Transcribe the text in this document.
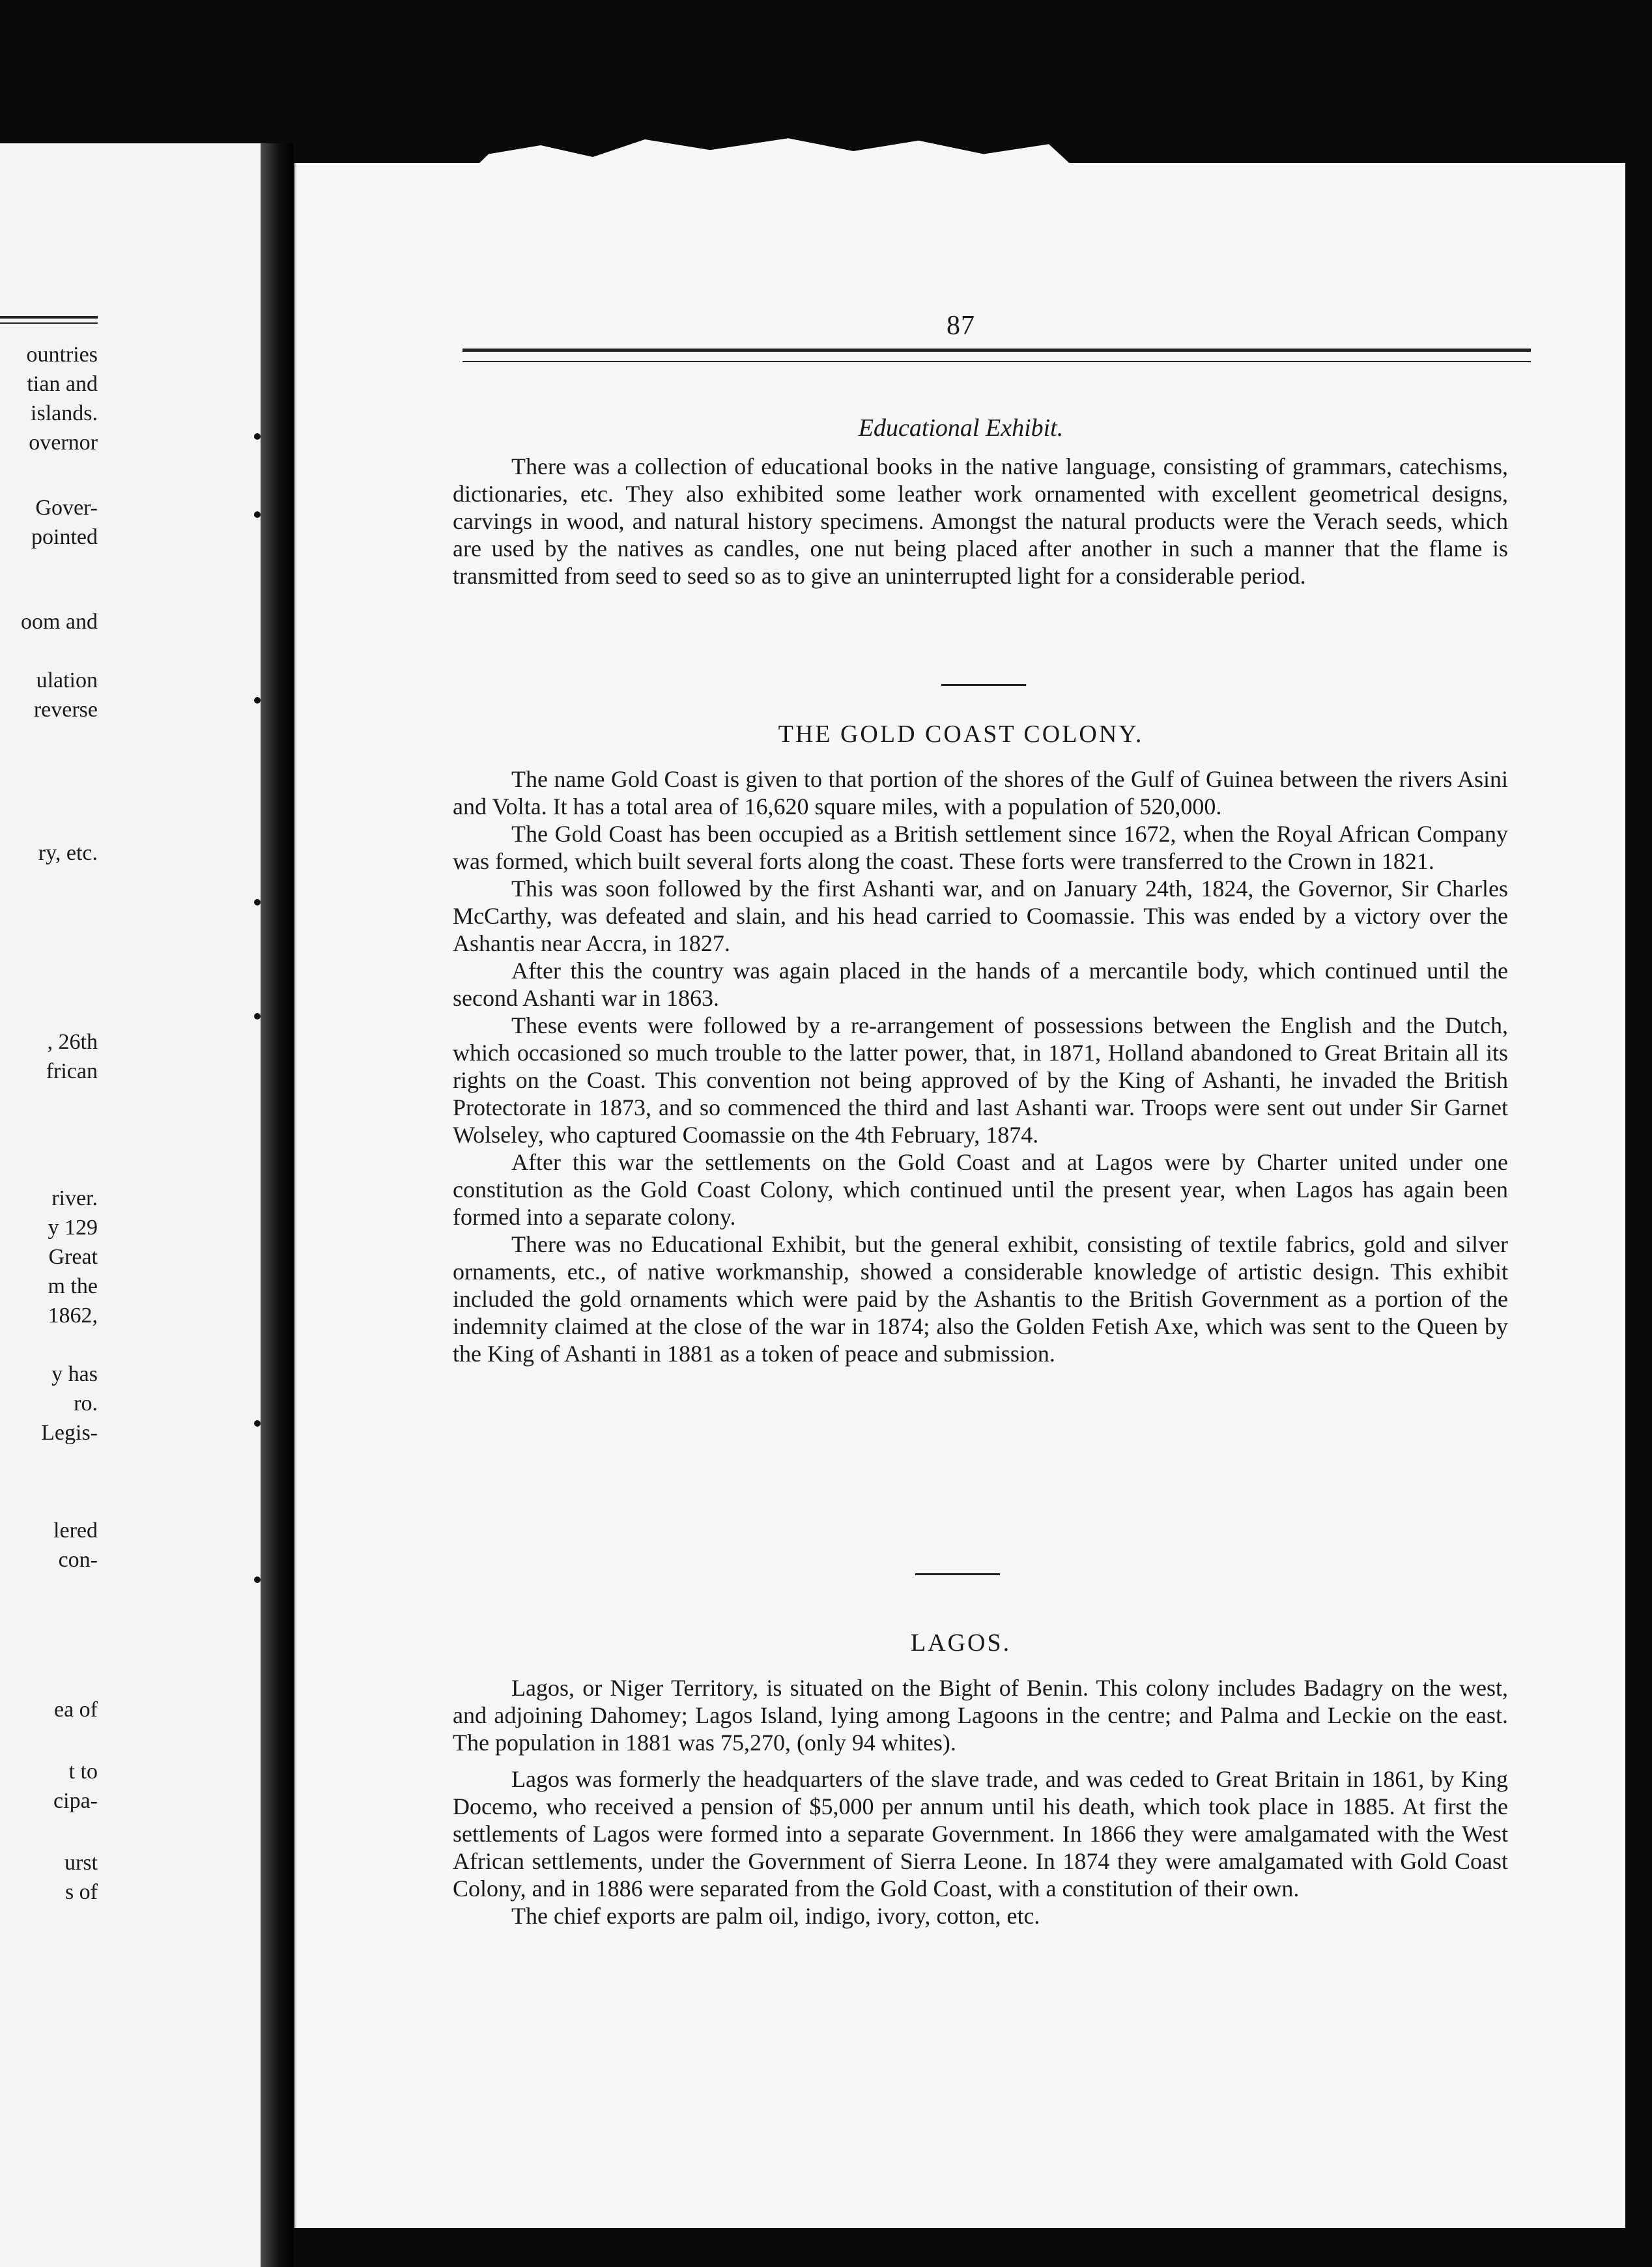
ountries
tian and
islands.
overnor
Gover-
pointed
oom and
ulation
reverse
ry, etc.
, 26th
frican
river.
y 129
Great
m the
1862,
y has
ro.
Legis-
lered
con-
ea of
t to
cipa-
urst
s of
87
Educational Exhibit.

There was a collection of educational books in the native language, consisting of grammars, catechisms, dictionaries, etc. They also exhibited some leather work ornamented with excellent geometrical designs, carvings in wood, and natural history specimens. Amongst the natural products were the Verach seeds, which are used by the natives as candles, one nut being placed after another in such a manner that the flame is transmitted from seed to seed so as to give an uninterrupted light for a considerable period.

THE GOLD COAST COLONY.

The name Gold Coast is given to that portion of the shores of the Gulf of Guinea between the rivers Asini and Volta. It has a total area of 16,620 square miles, with a population of 520,000.

The Gold Coast has been occupied as a British settlement since 1672, when the Royal African Company was formed, which built several forts along the coast. These forts were transferred to the Crown in 1821.

This was soon followed by the first Ashanti war, and on January 24th, 1824, the Governor, Sir Charles McCarthy, was defeated and slain, and his head carried to Coomassie. This was ended by a victory over the Ashantis near Accra, in 1827.

After this the country was again placed in the hands of a mercantile body, which continued until the second Ashanti war in 1863.

These events were followed by a re-arrangement of possessions between the English and the Dutch, which occasioned so much trouble to the latter power, that, in 1871, Holland abandoned to Great Britain all its rights on the Coast. This convention not being approved of by the King of Ashanti, he invaded the British Protectorate in 1873, and so commenced the third and last Ashanti war. Troops were sent out under Sir Garnet Wolseley, who captured Coomassie on the 4th February, 1874.

After this war the settlements on the Gold Coast and at Lagos were by Charter united under one constitution as the Gold Coast Colony, which continued until the present year, when Lagos has again been formed into a separate colony.

There was no Educational Exhibit, but the general exhibit, consisting of textile fabrics, gold and silver ornaments, etc., of native workmanship, showed a considerable knowledge of artistic design. This exhibit included the gold ornaments which were paid by the Ashantis to the British Government as a portion of the indemnity claimed at the close of the war in 1874; also the Golden Fetish Axe, which was sent to the Queen by the King of Ashanti in 1881 as a token of peace and submission.

LAGOS.

Lagos, or Niger Territory, is situated on the Bight of Benin. This colony includes Badagry on the west, and adjoining Dahomey; Lagos Island, lying among Lagoons in the centre; and Palma and Leckie on the east. The population in 1881 was 75,270, (only 94 whites).

Lagos was formerly the headquarters of the slave trade, and was ceded to Great Britain in 1861, by King Docemo, who received a pension of $5,000 per annum until his death, which took place in 1885. At first the settlements of Lagos were formed into a separate Government. In 1866 they were amalgamated with the West African settlements, under the Government of Sierra Leone. In 1874 they were amalgamated with Gold Coast Colony, and in 1886 were separated from the Gold Coast, with a constitution of their own.

The chief exports are palm oil, indigo, ivory, cotton, etc.
